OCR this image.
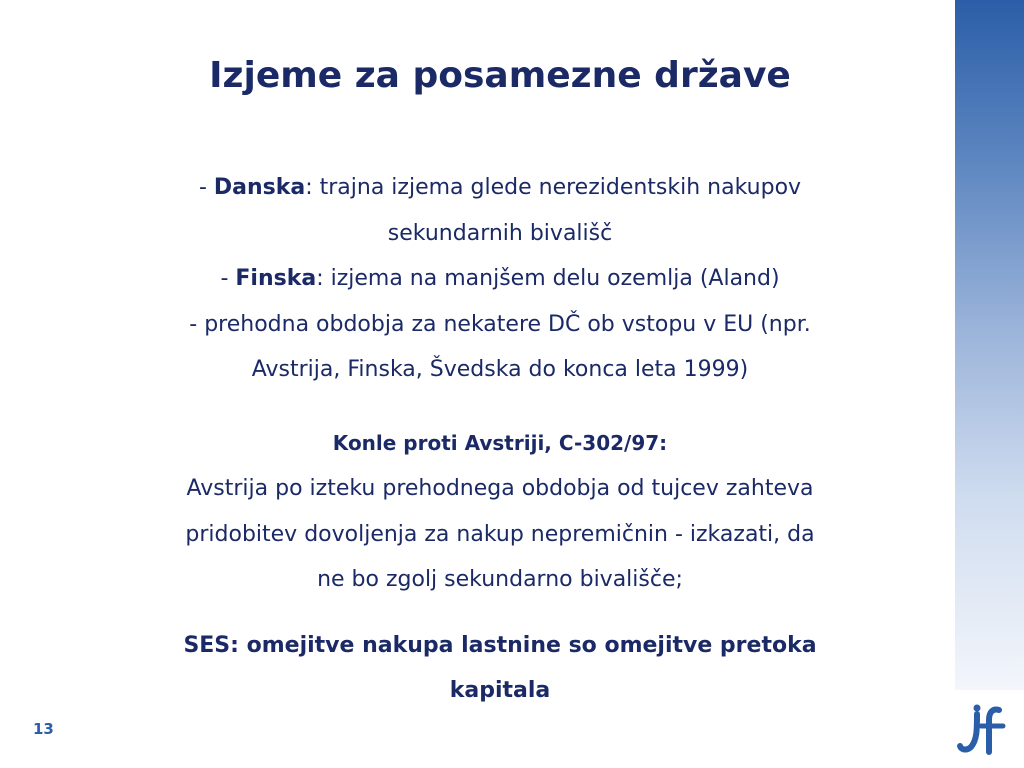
Izjeme za posamezne države

- Danska: trajna izjema glede nerezidentskih nakupov

sekundarnih bivališč

- Finska: izjema na manjšem delu ozemlja (Aland)

- prehodna obdobja za nekatere DČ ob vstopu v EU (npr.

Avstrija, Finska, Švedska do konca leta 1999)

Konle proti Avstriji, C-302/97:

Avstrija po izteku prehodnega obdobja od tujcev zahteva

pridobitev dovoljenja za nakup nepremičnin - izkazati, da

ne bo zgolj sekundarno bivališče;

SES: omejitve nakupa lastnine so omejitve pretoka

kapitala

13
